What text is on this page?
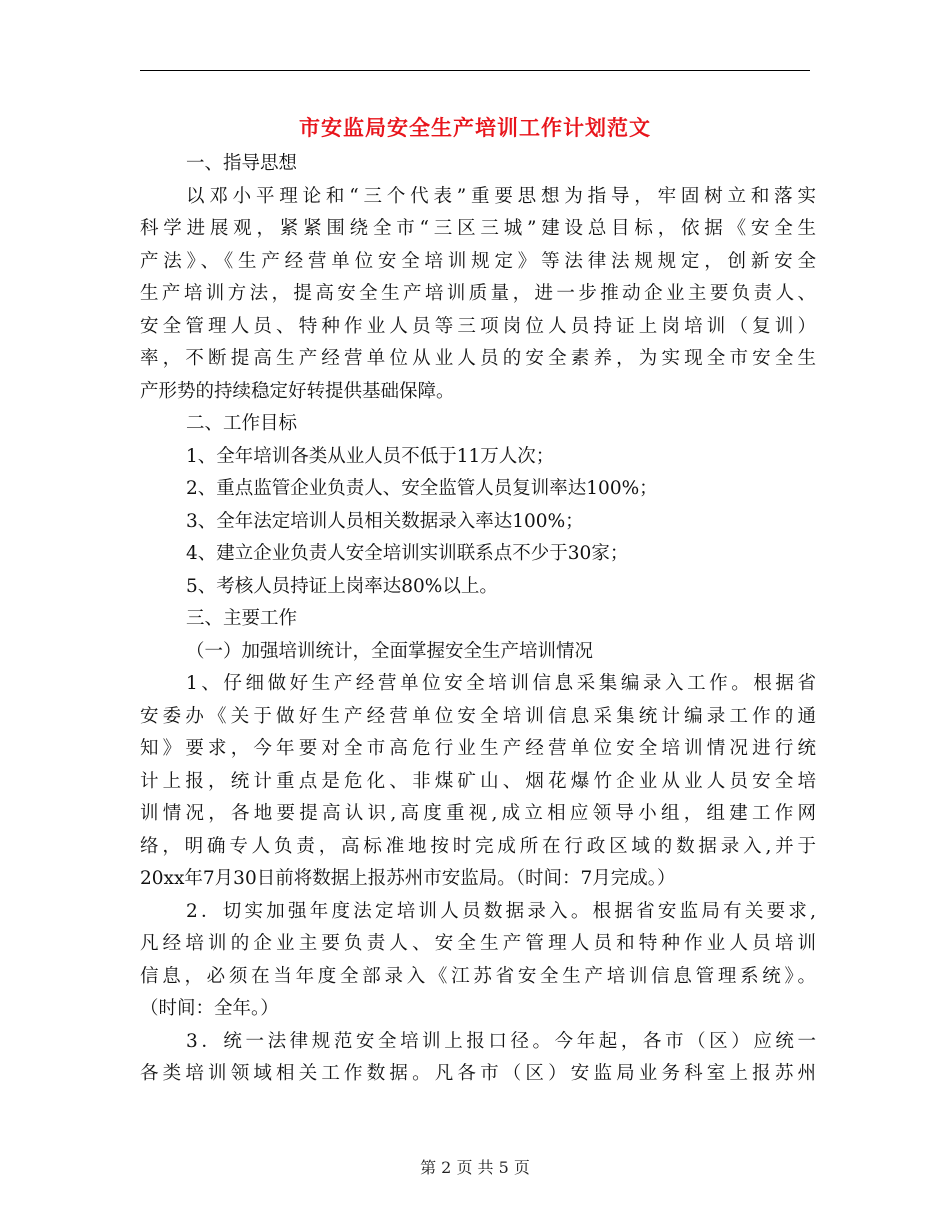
市安监局安全生产培训工作计划范文
一、指导思想
以邓小平理论和“三个代表”重要思想为指导，牢固树立和落实
科学进展观，紧紧围绕全市“三区三城”建设总目标，依据《安全生
产法》、《生产经营单位安全培训规定》等法律法规规定，创新安全
生产培训方法，提高安全生产培训质量，进一步推动企业主要负责人、
安全管理人员、特种作业人员等三项岗位人员持证上岗培训（复训）
率，不断提高生产经营单位从业人员的安全素养，为实现全市安全生
产形势的持续稳定好转提供基础保障。
二、工作目标
1、全年培训各类从业人员不低于11万人次；
2、重点监管企业负责人、安全监管人员复训率达100%；
3、全年法定培训人员相关数据录入率达100%；
4、建立企业负责人安全培训实训联系点不少于30家；
5、考核人员持证上岗率达80%以上。
三、主要工作
（一）加强培训统计，全面掌握安全生产培训情况
1、仔细做好生产经营单位安全培训信息采集编录入工作。根据省
安委办《关于做好生产经营单位安全培训信息采集统计编录工作的通
知》要求，今年要对全市高危行业生产经营单位安全培训情况进行统
计上报，统计重点是危化、非煤矿山、烟花爆竹企业从业人员安全培
训情况，各地要提高认识,高度重视,成立相应领导小组，组建工作网
络，明确专人负责，高标准地按时完成所在行政区域的数据录入,并于
20xx年7月30日前将数据上报苏州市安监局。（时间：7月完成。）
2．切实加强年度法定培训人员数据录入。根据省安监局有关要求,
凡经培训的企业主要负责人、安全生产管理人员和特种作业人员培训
信息，必须在当年度全部录入《江苏省安全生产培训信息管理系统》。
（时间：全年。）
3．统一法律规范安全培训上报口径。今年起，各市（区）应统一
各类培训领域相关工作数据。凡各市（区）安监局业务科室上报苏州
第 2 页 共 5 页
